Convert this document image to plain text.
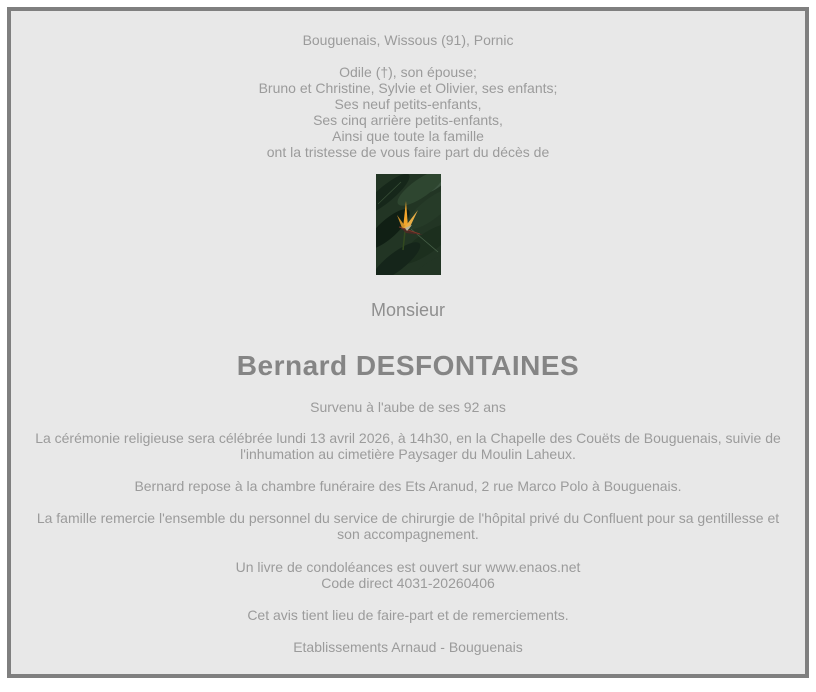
Bouguenais, Wissous (91), Pornic
Odile (†), son épouse;
Bruno et Christine, Sylvie et Olivier, ses enfants;
Ses neuf petits-enfants,
Ses cinq arrière petits-enfants,
Ainsi que toute la famille
ont la tristesse de vous faire part du décès de
Monsieur
Bernard DESFONTAINES
Survenu à l'aube de ses 92 ans
La cérémonie religieuse sera célébrée lundi 13 avril 2026, à 14h30, en la Chapelle des Couëts de Bouguenais, suivie de l'inhumation au cimetière Paysager du Moulin Laheux.
Bernard repose à la chambre funéraire des Ets Aranud, 2 rue Marco Polo à Bouguenais.
La famille remercie l'ensemble du personnel du service de chirurgie de l'hôpital privé du Confluent pour sa gentillesse et son accompagnement.
Un livre de condoléances est ouvert sur www.enaos.net
Code direct 4031-20260406
Cet avis tient lieu de faire-part et de remerciements.
Etablissements Arnaud - Bouguenais
